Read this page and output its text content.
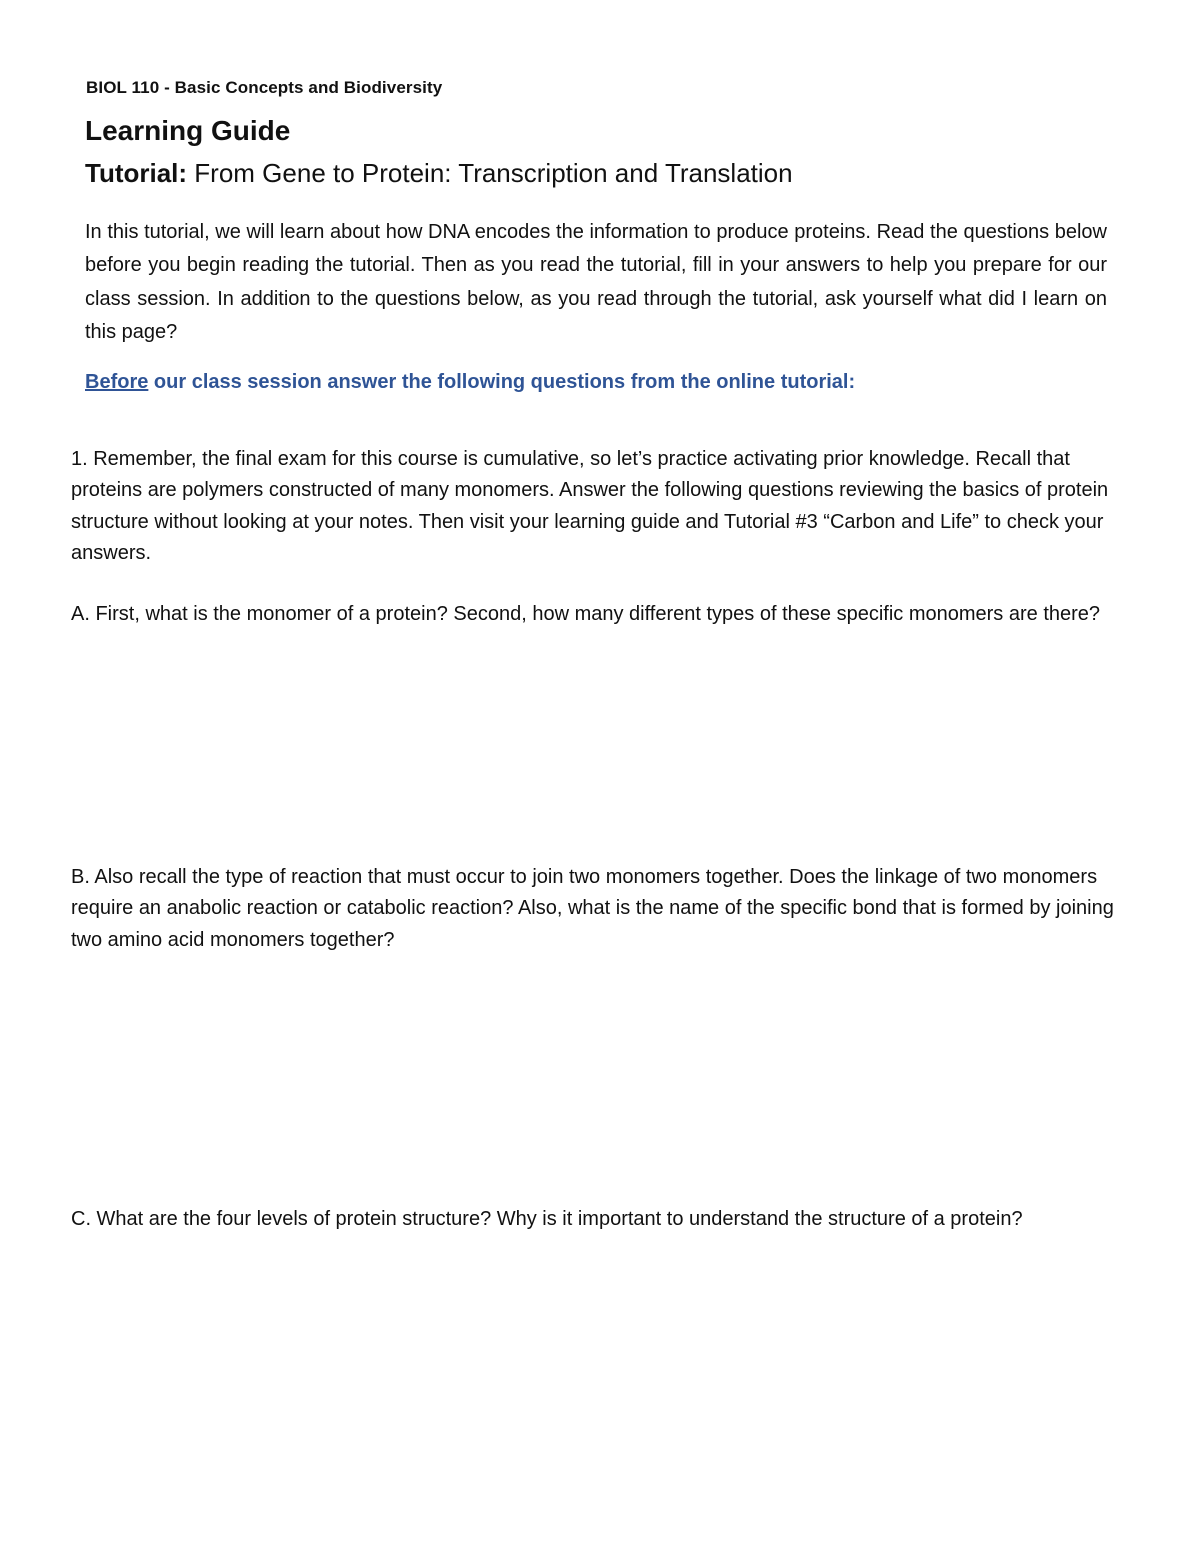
BIOL 110 - Basic Concepts and Biodiversity
Learning Guide
Tutorial: From Gene to Protein: Transcription and Translation
In this tutorial, we will learn about how DNA encodes the information to produce proteins. Read the questions below before you begin reading the tutorial. Then as you read the tutorial, fill in your answers to help you prepare for our class session. In addition to the questions below, as you read through the tutorial, ask yourself what did I learn on this page?
Before our class session answer the following questions from the online tutorial:
1. Remember, the final exam for this course is cumulative, so let’s practice activating prior knowledge. Recall that proteins are polymers constructed of many monomers. Answer the following questions reviewing the basics of protein structure without looking at your notes. Then visit your learning guide and Tutorial #3 “Carbon and Life” to check your answers.
A. First, what is the monomer of a protein? Second, how many different types of these specific monomers are there?
B. Also recall the type of reaction that must occur to join two monomers together. Does the linkage of two monomers require an anabolic reaction or catabolic reaction? Also, what is the name of the specific bond that is formed by joining two amino acid monomers together?
C. What are the four levels of protein structure? Why is it important to understand the structure of a protein?
